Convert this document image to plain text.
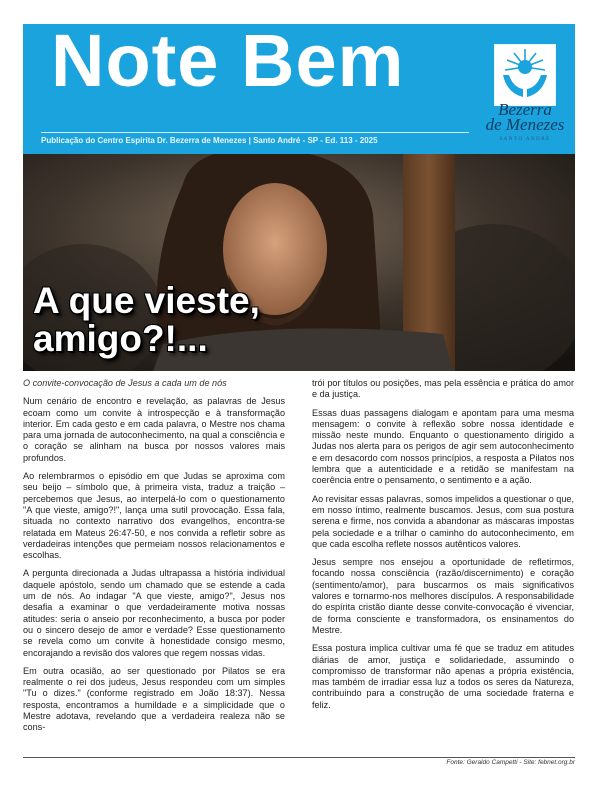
Note Bem
Publicação do Centro Espírita Dr. Bezerra de Menezes | Santo André - SP - Ed. 113 - 2025
Bezerra
de Menezes
SANTO ANDRÉ
A que vieste, amigo?!...

O convite-convocação de Jesus a cada um de nós

Num cenário de encontro e revelação, as palavras de Jesus ecoam como um convite à introspecção e à transformação interior. Em cada gesto e em cada palavra, o Mestre nos chama para uma jornada de autoconhecimento, na qual a consciência e o coração se alinham na busca por nossos valores mais profundos.

Ao relembrarmos o episódio em que Judas se aproxima com seu beijo – símbolo que, à primeira vista, traduz a traição – percebemos que Jesus, ao interpelá-lo com o questionamento "A que vieste, amigo?!", lança uma sutil provocação. Essa fala, situada no contexto narrativo dos evangelhos, encontra-se relatada em Mateus 26:47-50, e nos convida a refletir sobre as verdadeiras intenções que permeiam nossos relacionamentos e escolhas.

A pergunta direcionada a Judas ultrapassa a história individual daquele apóstolo, sendo um chamado que se estende a cada um de nós. Ao indagar "A que vieste, amigo?", Jesus nos desafia a examinar o que verdadeiramente motiva nossas atitudes: seria o anseio por reconhecimento, a busca por poder ou o sincero desejo de amor e verdade? Esse questionamento se revela como um convite à honestidade consigo mesmo, encorajando a revisão dos valores que regem nossas vidas.

Em outra ocasião, ao ser questionado por Pilatos se era realmente o rei dos judeus, Jesus respondeu com um simples "Tu o dizes." (conforme registrado em João 18:37). Nessa resposta, encontramos a humildade e a simplicidade que o Mestre adotava, revelando que a verdadeira realeza não se cons-

trói por títulos ou posições, mas pela essência e prática do amor e da justiça.

Essas duas passagens dialogam e apontam para uma mesma mensagem: o convite à reflexão sobre nossa identidade e missão neste mundo. Enquanto o questionamento dirigido a Judas nos alerta para os perigos de agir sem autoconhecimento e em desacordo com nossos princípios, a resposta a Pilatos nos lembra que a autenticidade e a retidão se manifestam na coerência entre o pensamento, o sentimento e a ação.

Ao revisitar essas palavras, somos impelidos a questionar o que, em nosso íntimo, realmente buscamos. Jesus, com sua postura serena e firme, nos convida a abandonar as máscaras impostas pela sociedade e a trilhar o caminho do autoconhecimento, em que cada escolha reflete nossos autênticos valores.

Jesus sempre nos ensejou a oportunidade de refletirmos, focando nossa consciência (razão/discernimento) e coração (sentimento/amor), para buscarmos os mais significativos valores e tornarmo-nos melhores discípulos. A responsabilidade do espírita cristão diante desse convite-convocação é vivenciar, de forma consciente e transformadora, os ensinamentos do Mestre.

Essa postura implica cultivar uma fé que se traduz em atitudes diárias de amor, justiça e solidariedade, assumindo o compromisso de transformar não apenas a própria existência, mas também de irradiar essa luz a todos os seres da Natureza, contribuindo para a construção de uma sociedade fraterna e feliz.

Fonte: Geraldo Campetti - Site: febnet.org.br
